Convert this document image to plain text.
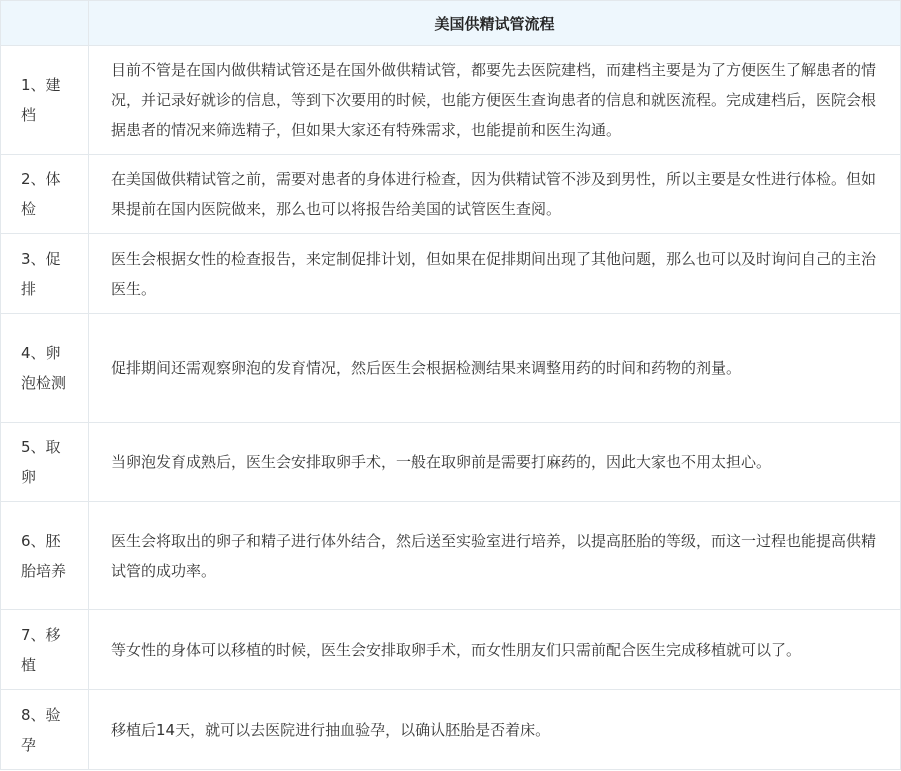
	美国供精试管流程
1、建档	目前不管是在国内做供精试管还是在国外做供精试管，都要先去医院建档，而建档主要是为了方便医生了解患者的情况，并记录好就诊的信息，等到下次要用的时候，也能方便医生查询患者的信息和就医流程。完成建档后，医院会根据患者的情况来筛选精子，但如果大家还有特殊需求，也能提前和医生沟通。
2、体检	在美国做供精试管之前，需要对患者的身体进行检查，因为供精试管不涉及到男性，所以主要是女性进行体检。但如果提前在国内医院做来，那么也可以将报告给美国的试管医生查阅。
3、促排	医生会根据女性的检查报告，来定制促排计划，但如果在促排期间出现了其他问题，那么也可以及时询问自己的主治医生。
4、卵泡检测	促排期间还需观察卵泡的发育情况，然后医生会根据检测结果来调整用药的时间和药物的剂量。
5、取卵	当卵泡发育成熟后，医生会安排取卵手术，一般在取卵前是需要打麻药的，因此大家也不用太担心。
6、胚胎培养	医生会将取出的卵子和精子进行体外结合，然后送至实验室进行培养，以提高胚胎的等级，而这一过程也能提高供精试管的成功率。
7、移植	等女性的身体可以移植的时候，医生会安排取卵手术，而女性朋友们只需前配合医生完成移植就可以了。
8、验孕	移植后14天，就可以去医院进行抽血验孕，以确认胚胎是否着床。
